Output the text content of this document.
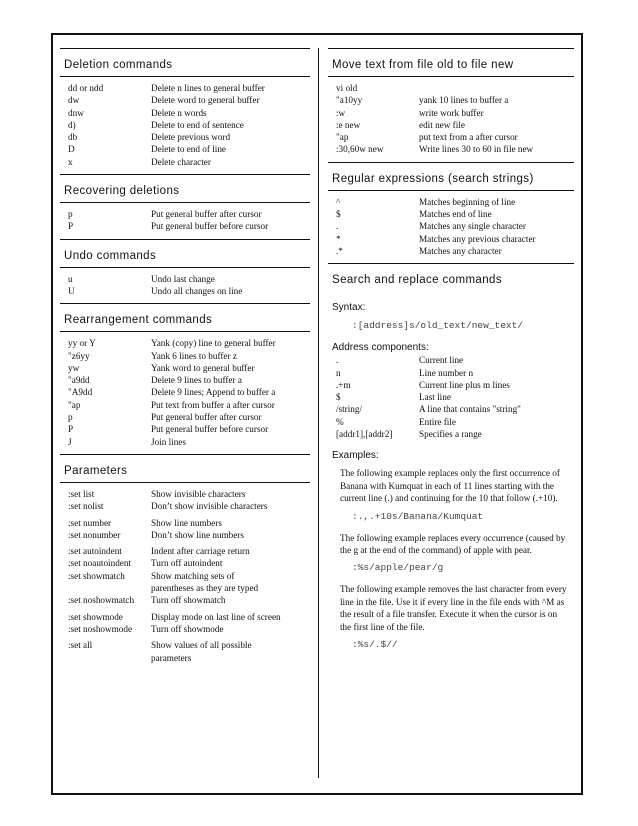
Deletion commands
dd or ndd	Delete n lines to general buffer
dw	Delete word to general buffer
dnw	Delete n words
d)	Delete to end of sentence
db	Delete previous word
D	Delete to end of line
x	Delete character
Recovering deletions
p	Put general buffer after cursor
P	Put general buffer before cursor
Undo commands
u	Undo last change
U	Undo all changes on line
Rearrangement commands
yy or Y	Yank (copy) line to general buffer
"z6yy	Yank 6 lines to buffer z
yw	Yank word to general buffer
"a9dd	Delete 9 lines to buffer a
"A9dd	Delete 9 lines; Append to buffer a
"ap	Put text from buffer a after cursor
p	Put general buffer after cursor
P	Put general buffer before cursor
J	Join lines
Parameters
:set list	Show invisible characters
:set nolist	Don’t show invisible characters
:set number	Show line numbers
:set nonumber	Don’t show line numbers
:set autoindent	Indent after carriage return
:set noautoindent	Turn off autoindent
:set showmatch	Show matching sets of
parentheses as they are typed
:set noshowmatch	Turn off showmatch
:set showmode	Display mode on last line of screen
:set noshowmode	Turn off showmode
:set all	Show values of all possible
parameters
Move text from file old to file new
vi old
"a10yy	yank 10 lines to buffer a
:w	write work buffer
:e new	edit new file
"ap	put text from a after cursor
:30,60w new	Write lines 30 to 60 in file new
Regular expressions (search strings)
^	Matches beginning of line
$	Matches end of line
.	Matches any single character
*	Matches any previous character
.*	Matches any character
Search and replace commands
Syntax:
:[address]s/old_text/new_text/
Address components:
.	Current line
n	Line number n
.+m	Current line plus m lines
$	Last line
/string/	A line that contains "string"
%	Entire file
[addr1],[addr2]	Specifies a range
Examples:
The following example replaces only the first occurrence of Banana with Kumquat in each of 11 lines starting with the current line (.) and continuing for the 10 that follow (.+10).
:.,.+10s/Banana/Kumquat
The following example replaces every occurrence (caused by the g at the end of the command) of apple with pear.
:%s/apple/pear/g
The following example removes the last character from every line in the file. Use it if every line in the file ends with ^M as the result of a file transfer. Execute it when the cursor is on the first line of the file.
:%s/.$//
